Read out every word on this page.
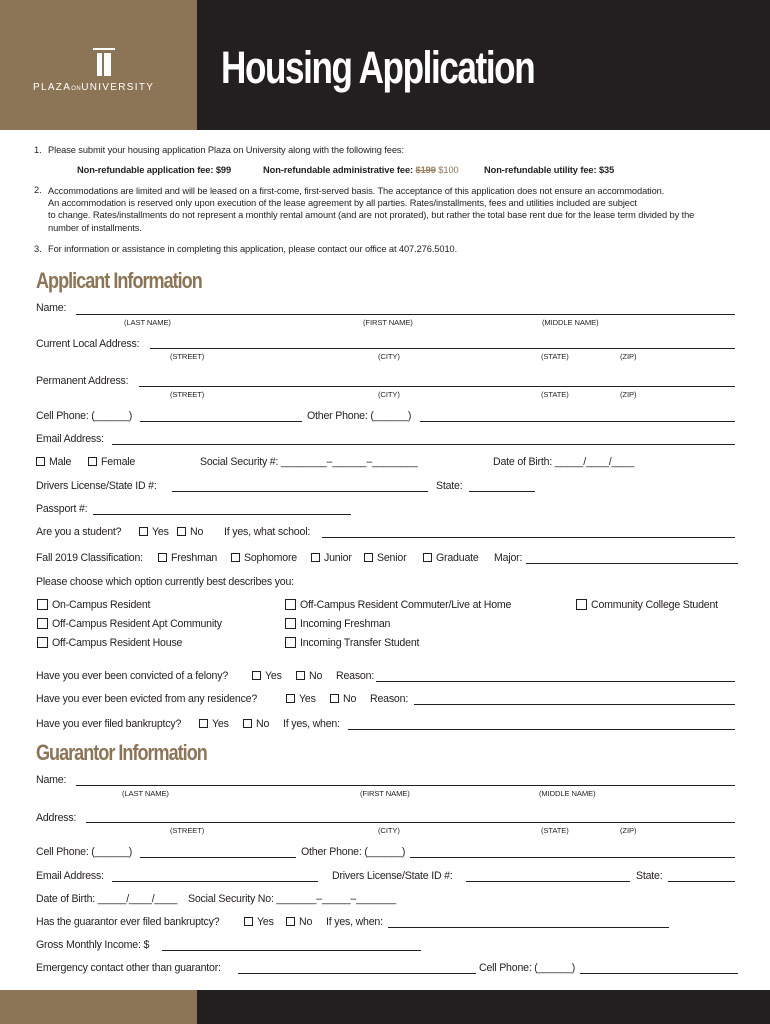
PLAZAONUNIVERSITY	Housing Application
1. Please submit your housing application Plaza on University along with the following fees:
Non-refundable application fee: $99	Non-refundable administrative fee: $199 $100	Non-refundable utility fee: $35
2. Accommodations are limited and will be leased on a first-come, first-served basis. The acceptance of this application does not ensure an accommodation.
An accommodation is reserved only upon execution of the lease agreement by all parties. Rates/installments, fees and utilities included are subject
to change. Rates/installments do not represent a monthly rental amount (and are not prorated), but rather the total base rent due for the lease term divided by the
number of installments.
3. For information or assistance in completing this application, please contact our office at 407.276.5010.
Applicant Information
Name:
(LAST NAME)	(FIRST NAME)	(MIDDLE NAME)
Current Local Address:
(STREET)	(CITY)	(STATE)	(ZIP)
Permanent Address:
(STREET)	(CITY)	(STATE)	(ZIP)
Cell Phone: (______)	Other Phone: (______)
Email Address:
Male	Female	Social Security #: ________–______–________	Date of Birth: _____/____/____
Drivers License/State ID #:	State:
Passport #:
Are you a student?	Yes	No If yes, what school:
Fall 2019 Classification:	Freshman	Sophomore	Junior	Senior	Graduate Major:
Please choose which option currently best describes you:
On-Campus Resident
Off-Campus Resident Apt Community
Off-Campus Resident House
Off-Campus Resident Commuter/Live at Home
Incoming Freshman
Incoming Transfer Student
Community College Student
Have you ever been convicted of a felony?	Yes	No Reason:
Have you ever been evicted from any residence?	Yes	No Reason:
Have you ever filed bankruptcy?	Yes	No If yes, when:
Guarantor Information
Name:
(LAST NAME)	(FIRST NAME)	(MIDDLE NAME)
Address:
(STREET)	(CITY)	(STATE)	(ZIP)
Cell Phone: (______)	Other Phone: (______)
Email Address:	Drivers License/State ID #:	State:
Date of Birth: _____/____/____ Social Security No: _______–_____–_______
Has the guarantor ever filed bankruptcy?	Yes	No If yes, when:
Gross Monthly Income: $
Emergency contact other than guarantor:	Cell Phone: (______)
